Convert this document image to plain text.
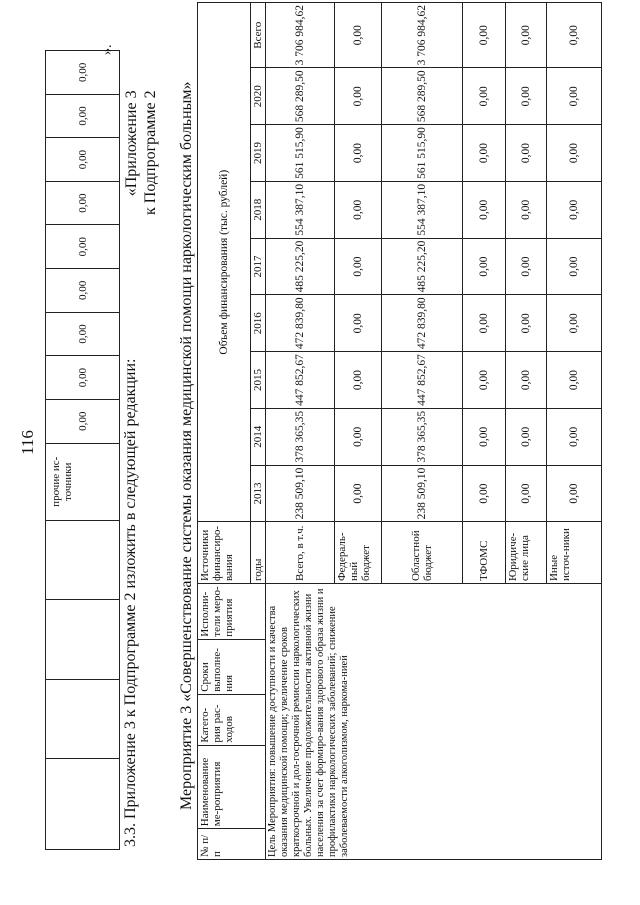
116
				прочие ис-точники	0,00	0,00	0,00	0,00	0,00	0,00	0,00	0,00	0,00
».
3.3. Приложение 3 к Подпрограмме 2 изложить в следующей редакции:
«Приложение 3 к Подпрограмме 2 Мероприятие 3 «Совершенствование системы оказания медицинской помощи наркологическим больным»
№ п/п	Наименование ме-роприятия	Катего-рия рас-ходов	Сроки выполне-ния	Исполни-тели меро-приятия	Источники финансиро-вания	Объем финансирования (тыс. рублей)								
					годы	2013	2014	2015	2016	2017	2018	2019	2020	Всего
Цель Мероприятия: повышение доступности и качества оказания медицинской помощи; увеличение сроков краткосрочной и дол-госрочной ремиссии наркологических больных. Увеличение продолжительности активной жизни населения за счет формиро-вания здорового образа жизни и профилактики наркологических заболеваний; снижение заболеваемости алкоголизмом, наркома-нией					Всего, в т.ч.	238 509,10	378 365,35	447 852,67	472 839,80	485 225,20	554 387,10	561 515,90	568 289,50	3 706 984,62
					Федераль-ный бюджет	0,00	0,00	0,00	0,00	0,00	0,00	0,00	0,00	0,00
					Областной бюджет	238 509,10	378 365,35	447 852,67	472 839,80	485 225,20	554 387,10	561 515,90	568 289,50	3 706 984,62
					ТФОМС	0,00	0,00	0,00	0,00	0,00	0,00	0,00	0,00	0,00
					Юридиче-ские лица	0,00	0,00	0,00	0,00	0,00	0,00	0,00	0,00	0,00
					Иные источ-ники	0,00	0,00	0,00	0,00	0,00	0,00	0,00	0,00	0,00
